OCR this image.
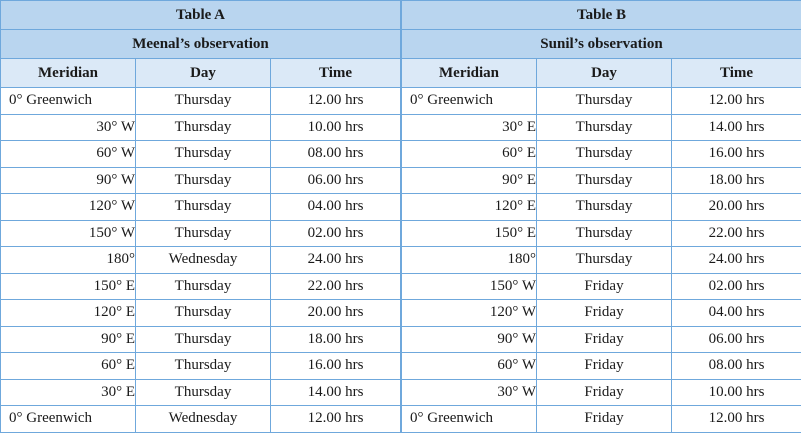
Table A		
Meenal’s observation		
Meridian	Day	Time
0° Greenwich	Thursday	12.00 hrs
30° W	Thursday	10.00 hrs
60° W	Thursday	08.00 hrs
90° W	Thursday	06.00 hrs
120° W	Thursday	04.00 hrs
150° W	Thursday	02.00 hrs
180°	Wednesday	24.00 hrs
150° E	Thursday	22.00 hrs
120° E	Thursday	20.00 hrs
90° E	Thursday	18.00 hrs
60° E	Thursday	16.00 hrs
30° E	Thursday	14.00 hrs
0° Greenwich	Wednesday	12.00 hrs
Table B		
Sunil’s observation		
Meridian	Day	Time
0° Greenwich	Thursday	12.00 hrs
30° E	Thursday	14.00 hrs
60° E	Thursday	16.00 hrs
90° E	Thursday	18.00 hrs
120° E	Thursday	20.00 hrs
150° E	Thursday	22.00 hrs
180°	Thursday	24.00 hrs
150° W	Friday	02.00 hrs
120° W	Friday	04.00 hrs
90° W	Friday	06.00 hrs
60° W	Friday	08.00 hrs
30° W	Friday	10.00 hrs
0° Greenwich	Friday	12.00 hrs
